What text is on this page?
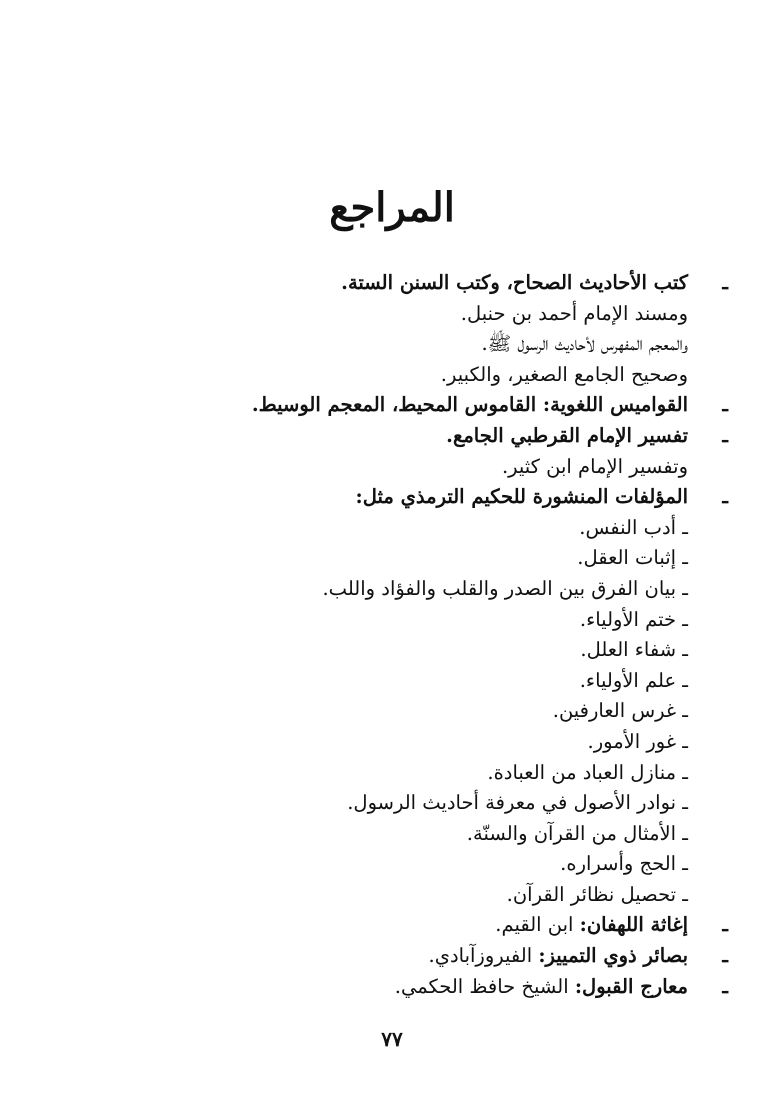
المراجع
ـ
كتب الأحاديث الصحاح، وكتب السنن الستة.
ومسند الإمام أحمد بن حنبل.
والمعجم المفهرس لأحاديث الرسول ﷺ.
وصحيح الجامع الصغير، والكبير.
ـ
القواميس اللغوية: القاموس المحيط، المعجم الوسيط.
ـ
تفسير الإمام القرطبي الجامع.
وتفسير الإمام ابن كثير.
ـ
المؤلفات المنشورة للحكيم الترمذي مثل:
ـ أدب النفس.
ـ إثبات العقل.
ـ بيان الفرق بين الصدر والقلب والفؤاد واللب.
ـ ختم الأولياء.
ـ شفاء العلل.
ـ علم الأولياء.
ـ غرس العارفين.
ـ غور الأمور.
ـ منازل العباد من العبادة.
ـ نوادر الأصول في معرفة أحاديث الرسول.
ـ الأمثال من القرآن والسنّة.
ـ الحج وأسراره.
ـ تحصيل نظائر القرآن.
ـ
إغاثة اللهفان: ابن القيم.
ـ
بصائر ذوي التمييز: الفيروزآبادي.
ـ
معارج القبول: الشيخ حافظ الحكمي.
٧٧
